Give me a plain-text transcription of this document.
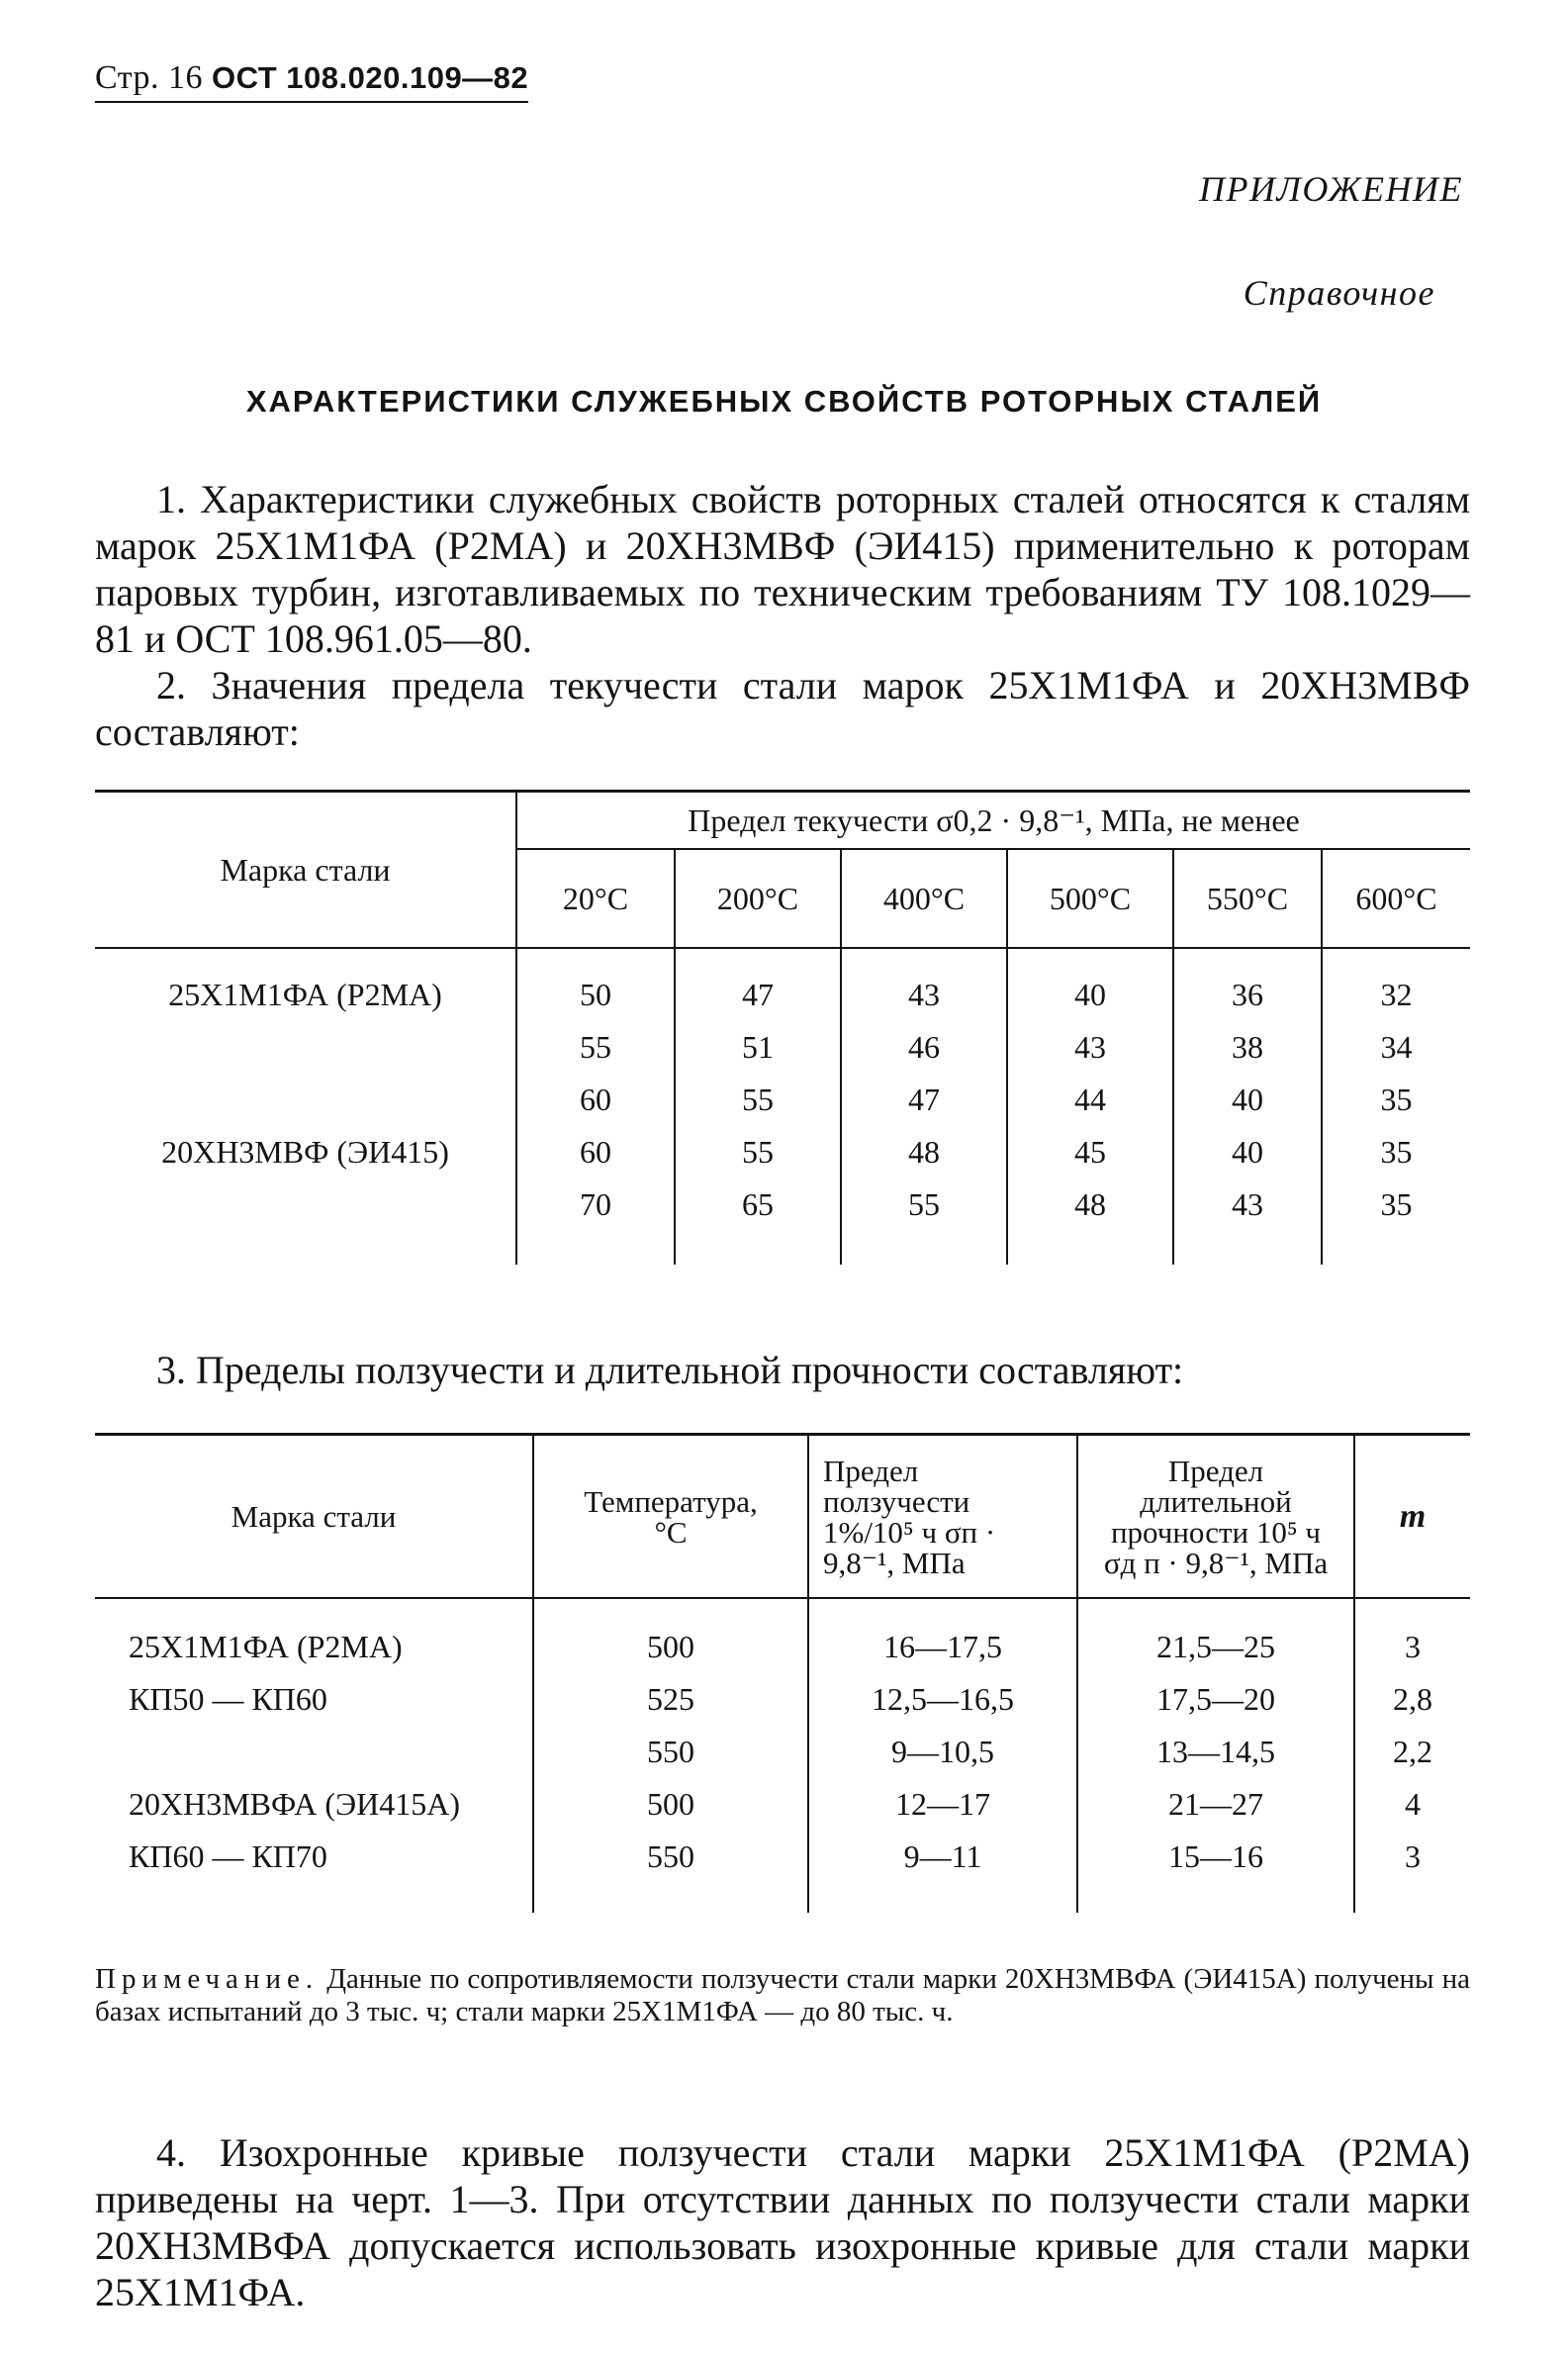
Стр. 16 ОСТ 108.020.109—82
ПРИЛОЖЕНИЕ
Справочное
ХАРАКТЕРИСТИКИ СЛУЖЕБНЫХ СВОЙСТВ РОТОРНЫХ СТАЛЕЙ
1. Характеристики служебных свойств роторных сталей относятся к сталям марок 25Х1М1ФА (Р2МА) и 20ХН3МВФ (ЭИ415) применительно к роторам паровых турбин, изготавливаемых по техническим требованиям ТУ 108.1029—81 и ОСТ 108.961.05—80.
2. Значения предела текучести стали марок 25Х1М1ФА и 20ХН3МВФ составляют:
Марка стали	Предел текучести σ0,2 · 9,8⁻¹, МПа, не менее					
	20°C	200°C	400°C	500°C	550°C	600°C
25Х1М1ФА (Р2МА)	50	47	43	40	36	32
	55	51	46	43	38	34
	60	55	47	44	40	35
20ХН3МВФ (ЭИ415)	60	55	48	45	40	35
	70	65	55	48	43	35
3. Пределы ползучести и длительной прочности составляют:
Марка стали	Температура, °C	Предел ползучести 1%/10⁵ ч σп · 9,8⁻¹, МПа	Предел длительной прочности 10⁵ ч σд п · 9,8⁻¹, МПа	m
25Х1М1ФА (Р2МА)	500	16—17,5	21,5—25	3
КП50 — КП60	525	12,5—16,5	17,5—20	2,8
	550	9—10,5	13—14,5	2,2
20ХН3МВФА (ЭИ415А)	500	12—17	21—27	4
КП60 — КП70	550	9—11	15—16	3
Примечание. Данные по сопротивляемости ползучести стали марки 20ХН3МВФА (ЭИ415А) получены на базах испытаний до 3 тыс. ч; стали марки 25Х1М1ФА — до 80 тыс. ч.
4. Изохронные кривые ползучести стали марки 25Х1М1ФА (Р2МА) приведены на черт. 1—3. При отсутствии данных по ползучести стали марки 20ХН3МВФА допускается использовать изохронные кривые для стали марки 25Х1М1ФА.
